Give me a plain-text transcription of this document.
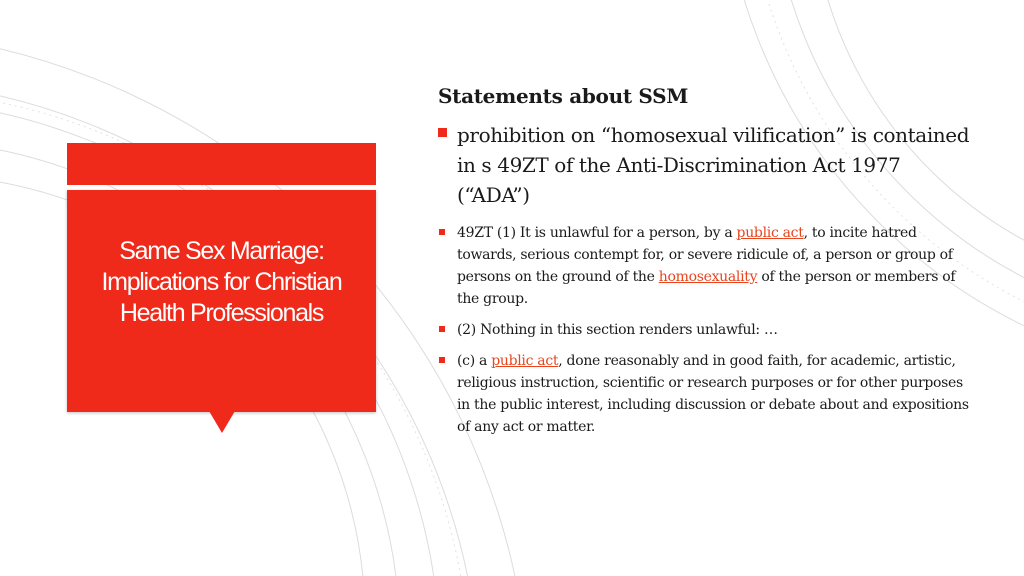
Same Sex Marriage: Implications for Christian Health Professionals
Statements about SSM
prohibition on “homosexual vilification” is contained in s 49ZT of the Anti-Discrimination Act 1977 (“ADA”)
49ZT (1) It is unlawful for a person, by a public act, to incite hatred towards, serious contempt for, or severe ridicule of, a person or group of persons on the ground of the homosexuality of the person or members of the group.
(2) Nothing in this section renders unlawful: …
(c) a public act, done reasonably and in good faith, for academic, artistic, religious instruction, scientific or research purposes or for other purposes in the public interest, including discussion or debate about and expositions of any act or matter.
